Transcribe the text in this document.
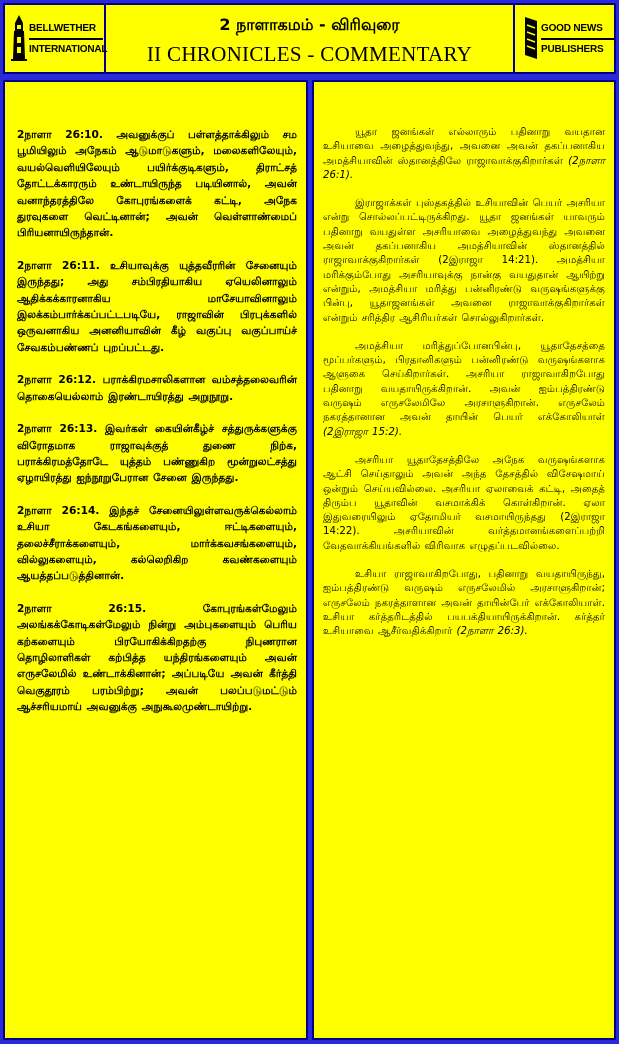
BELLWETHER
INTERNATIONAL
2 நாளாகமம் - விரிவுரை
II CHRONICLES - COMMENTARY
GOOD NEWS
PUBLISHERS

2நாளா 26:10. அவனுக்குப் பள்ளத்தாக்கிலும் சம பூமியிலும் அநேகம் ஆடுமாடுகளும், மலைகளிலேயும், வயல்வெளியிலேயும் பயிர்க்குடிகளும், திராட்சத் தோட்டக்காரரும் உண்டாயிருந்த படியினால், அவன் வனாந்தரத்திலே கோபுரங்களைக் கட்டி, அநேக துரவுகளை வெட்டினான்; அவன் வெள்ளாண்மைப் பிரியனாயிருந்தான்.

2நாளா 26:11. உசியாவுக்கு யுத்தவீரரின் சேனையும் இருந்தது; அது சம்பிரதியாகிய ஏயெலினாலும் ஆதிக்கக்காரனாகிய மாசேயாவினாலும் இலக்கம்பார்க்கப்பட்டபடியே, ராஜாவின் பிரபுக்களில் ஒருவனாகிய அனனியாவின் கீழ் வகுப்பு வகுப்பாய்ச் சேவகம்பண்ணப் புறப்பட்டது.

2நாளா 26:12. பராக்கிரமசாலிகளான வம்சத்தலைவரின் தொகையெல்லாம் இரண்டாயிரத்து அறுநூறு.

2நாளா 26:13. இவர்கள் கையின்கீழ்ச் சத்துருக்களுக்கு விரோதமாக ராஜாவுக்குத் துணை நிற்க, பராக்கிரமத்தோடே யுத்தம் பண்ணுகிற மூன்றுலட்சத்து ஏழாயிரத்து ஐந்நூறுபேரான சேனை இருந்தது.

2நாளா 26:14. இந்தச் சேனையிலுள்ளவருக்கெல்லாம் உசியா கேடகங்களையும், ஈட்டிகளையும், தலைச்சீராக்களையும், மார்க்கவசங்களையும், வில்லுகளையும், கல்லெறிகிற கவண்களையும் ஆயத்தப்படுத்தினான்.

2நாளா 26:15. கோபுரங்கள்மேலும் அலங்கக்கோடிகள்மேலும் நின்று அம்புகளையும் பெரிய கற்களையும் பிரயோகிக்கிறதற்கு நிபுணரான தொழிலாளிகள் கற்பித்த யந்திரங்களையும் அவன் எருசலேமில் உண்டாக்கினான்; அப்படியே அவன் கீர்த்தி வெகுதூரம் பரம்பிற்று; அவன் பலப்படுமட்டும் ஆச்சரியமாய் அவனுக்கு அநுகூலமுண்டாயிற்று.

யூதா ஜனங்கள் எல்லாரும் பதினாறு வயதான உசியாவை அழைத்துவந்து, அவனை அவன் தகப்பனாகிய அமத்சியாவின் ஸ்தானத்திலே ராஜாவாக்குகிறார்கள் (2நாளா 26:1).

இராஜாக்கள் புஸ்தகத்தில் உசியாவின் பெயர் அசரியா என்று சொல்லப்பட்டிருக்கிறது. யூதா ஜனங்கள் யாவரும் பதினாறு வயதுள்ள அசரியாவை அழைத்துவந்து அவனை அவன் தகப்பனாகிய அமத்சியாவின் ஸ்தானத்தில் ராஜாவாக்குகிறார்கள் (2இராஜா 14:21). அமத்சியா மரிக்கும்போது அசரியாவுக்கு நான்கு வயதுதான் ஆயிற்று என்றும், அமத்சியா மரித்து பன்னிரண்டு வருஷங்களுக்கு பின்பு, யூதாஜனங்கள் அவனை ராஜாவாக்குகிறார்கள் என்றும் சரித்திர ஆசிரியர்கள் சொல்லுகிறார்கள்.

அமத்சியா மரித்துப்போனபின்பு, யூதாதேசத்தை மூப்பர்களும், பிரதானிகளும் பன்னிரண்டு வருஷங்களாக ஆளுகை செய்கிறார்கள். அசரியா ராஜாவாகிறபோது பதினாறு வயதாயிருக்கிறான். அவன் ஐம்பத்திரண்டு வருஷம் எருசலேமிலே அரசாளுகிறான். எருசலேம் நகரத்தானான அவன் தாயின் பெயர் எக்கோலியாள் (2இராஜா 15:2).

அசரியா யூதாதேசத்திலே அநேக வருஷங்களாக ஆட்சி செய்தாலும் அவன் அந்த தேசத்தில் விசேஷமாய் ஒன்றும் செய்யவில்லை. அசரியா ஏலாவைக் கட்டி, அதைத் திரும்ப யூதாவின் வசமாக்கிக் கொள்கிறான். ஏலா இதுவரையிலும் ஏதோமியர் வசமாயிருந்தது (2இராஜா 14:22). அசரியாவின் வர்த்தமானங்களைப்பற்றி வேதவாக்கியங்களில் விரிவாக எழுதப்படவில்லை.

உசியா ராஜாவாகிறபோது, பதினாறு வயதாயிருந்து, ஐம்பத்திரண்டு வருஷம் எருசலேமில் அரசாளுகிறான்; எருசலேம் நகரத்தாளான அவன் தாயின்பேர் எக்கோலியாள். உசியா கர்த்தரிடத்தில் பயபக்தியாயிருக்கிறான். கர்த்தர் உசியாவை ஆசீர்வதிக்கிறார் (2நாளா 26:3).
